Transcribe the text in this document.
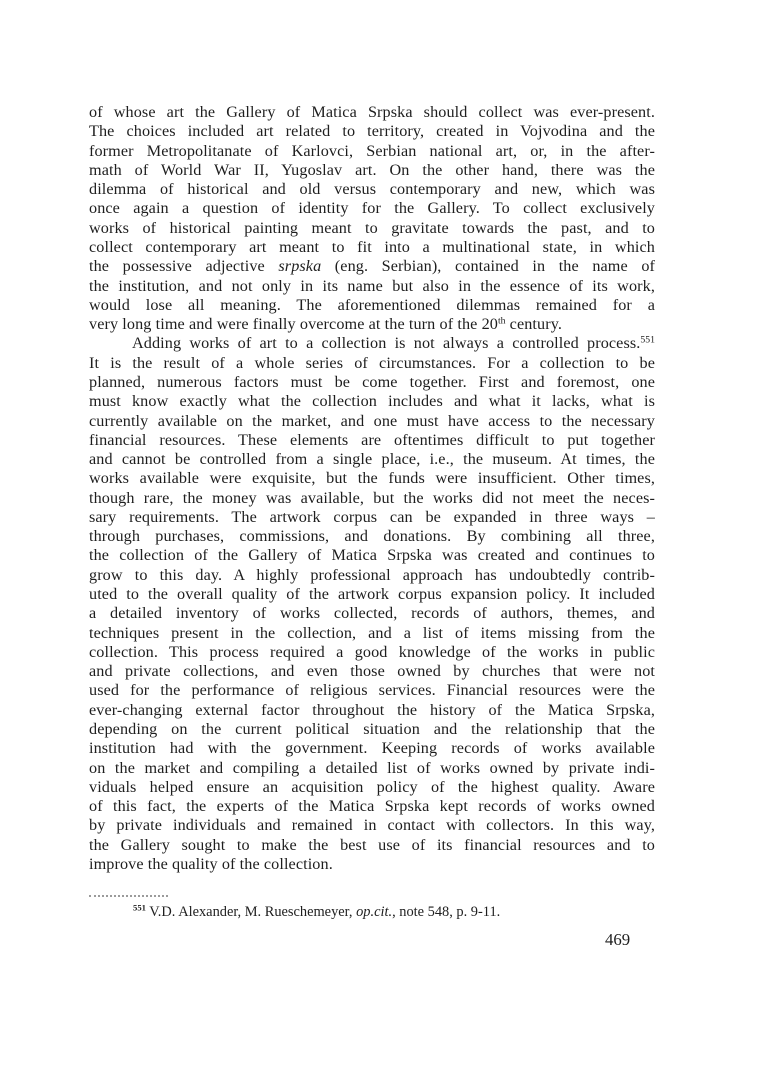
of whose art the Gallery of Matica Srpska should collect was ever-present.
The choices included art related to territory, created in Vojvodina and the
former Metropolitanate of Karlovci, Serbian national art, or, in the after-
math of World War II, Yugoslav art. On the other hand, there was the
dilemma of historical and old versus contemporary and new, which was
once again a question of identity for the Gallery. To collect exclusively
works of historical painting meant to gravitate towards the past, and to
collect contemporary art meant to fit into a multinational state, in which
the possessive adjective srpska (eng. Serbian), contained in the name of
the institution, and not only in its name but also in the essence of its work,
would lose all meaning. The aforementioned dilemmas remained for a
very long time and were finally overcome at the turn of the 20th century.
Adding works of art to a collection is not always a controlled process.$^{551}$
It is the result of a whole series of circumstances. For a collection to be
planned, numerous factors must be come together. First and foremost, one
must know exactly what the collection includes and what it lacks, what is
currently available on the market, and one must have access to the necessary
financial resources. These elements are oftentimes difficult to put together
and cannot be controlled from a single place, i.e., the museum. At times, the
works available were exquisite, but the funds were insufficient. Other times,
though rare, the money was available, but the works did not meet the neces-
sary requirements. The artwork corpus can be expanded in three ways –
through purchases, commissions, and donations. By combining all three,
the collection of the Gallery of Matica Srpska was created and continues to
grow to this day. A highly professional approach has undoubtedly contrib-
uted to the overall quality of the artwork corpus expansion policy. It included
a detailed inventory of works collected, records of authors, themes, and
techniques present in the collection, and a list of items missing from the
collection. This process required a good knowledge of the works in public
and private collections, and even those owned by churches that were not
used for the performance of religious services. Financial resources were the
ever-changing external factor throughout the history of the Matica Srpska,
depending on the current political situation and the relationship that the
institution had with the government. Keeping records of works available
on the market and compiling a detailed list of works owned by private indi-
viduals helped ensure an acquisition policy of the highest quality. Aware
of this fact, the experts of the Matica Srpska kept records of works owned
by private individuals and remained in contact with collectors. In this way,
the Gallery sought to make the best use of its financial resources and to
improve the quality of the collection.
$^{551}$ V.D. Alexander, M. Rueschemeyer, op.cit., note 548, p. 9-11.
469
